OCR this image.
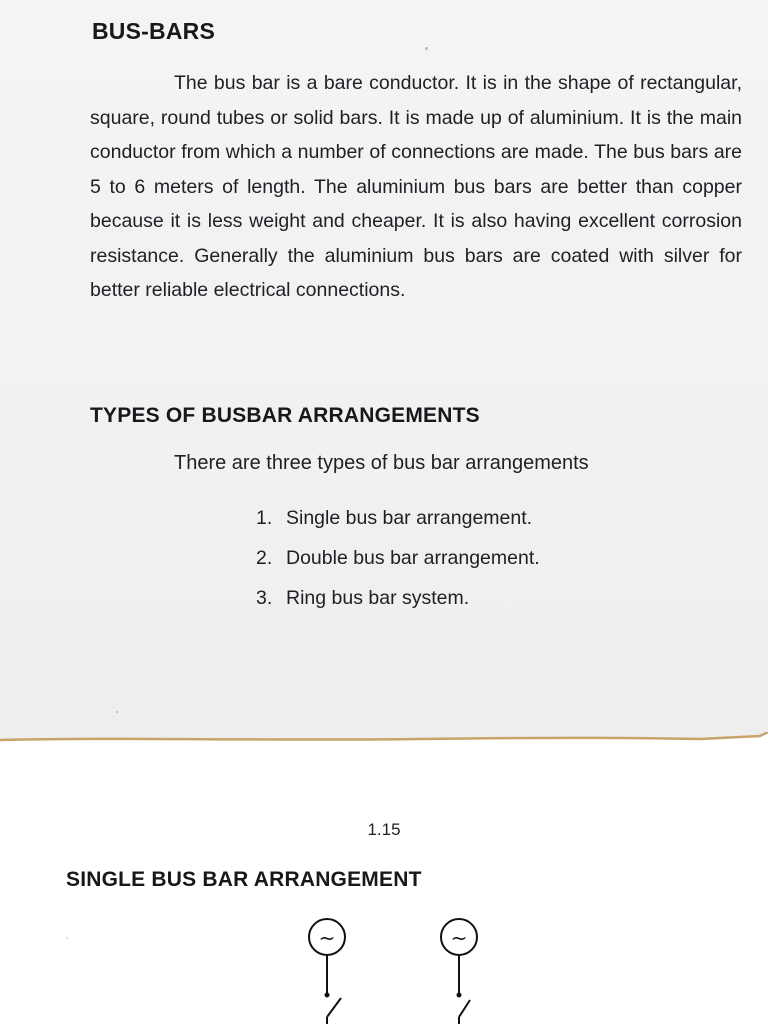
BUS-BARS

The bus bar is a bare conductor. It is in the shape of rectangular, square, round tubes or solid bars. It is made up of aluminium. It is the main conductor from which a number of connections are made. The bus bars are 5 to 6 meters of length. The aluminium bus bars are better than copper because it is less weight and cheaper. It is also having excellent corrosion resistance. Generally the aluminium bus bars are coated with silver for better reliable electrical connections.

TYPES OF BUSBAR ARRANGEMENTS

There are three types of bus bar arrangements

1. Single bus bar arrangement.
2. Double bus bar arrangement.
3. Ring bus bar system.
1.15
SINGLE BUS BAR ARRANGEMENT
~	~
